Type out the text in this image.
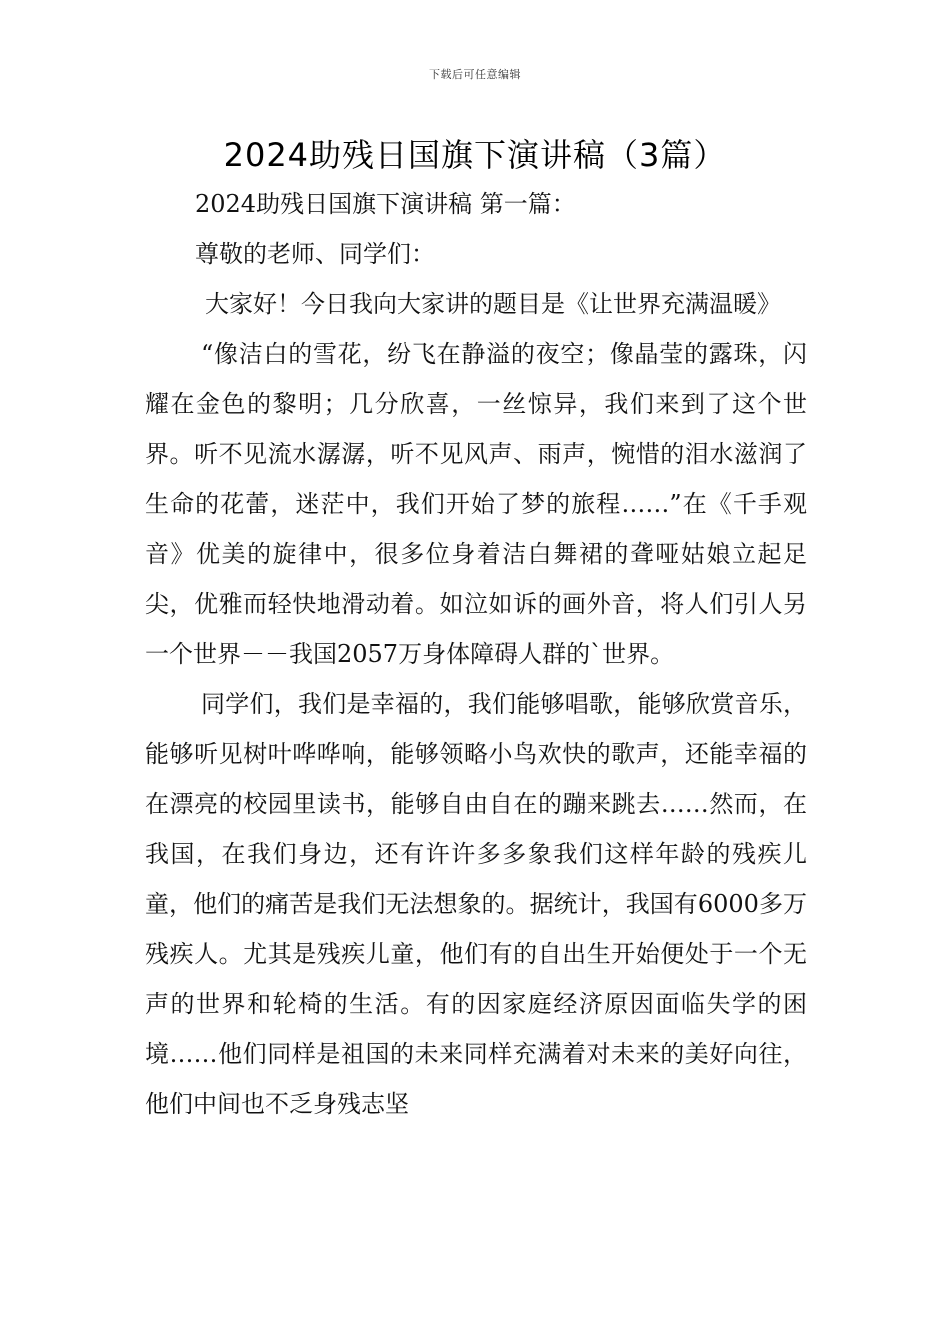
下载后可任意编辑
2024助残日国旗下演讲稿（3篇）

2024助残日国旗下演讲稿 第一篇：

尊敬的老师、同学们：

大家好！今日我向大家讲的题目是《让世界充满温暖》

“像洁白的雪花，纷飞在静溢的夜空；像晶莹的露珠，闪耀在金色的黎明；几分欣喜，一丝惊异，我们来到了这个世界。听不见流水潺潺，听不见风声、雨声，惋惜的泪水滋润了生命的花蕾，迷茫中，我们开始了梦的旅程……”在《千手观音》优美的旋律中，很多位身着洁白舞裙的聋哑姑娘立起足尖，优雅而轻快地滑动着。如泣如诉的画外音，将人们引人另一个世界－－我国2057万身体障碍人群的`世界。

同学们，我们是幸福的，我们能够唱歌，能够欣赏音乐，能够听见树叶哗哗响，能够领略小鸟欢快的歌声，还能幸福的在漂亮的校园里读书，能够自由自在的蹦来跳去……然而，在我国，在我们身边，还有许许多多象我们这样年龄的残疾儿童，他们的痛苦是我们无法想象的。据统计，我国有6000多万残疾人。尤其是残疾儿童，他们有的自出生开始便处于一个无声的世界和轮椅的生活。有的因家庭经济原因面临失学的困境……他们同样是祖国的未来同样充满着对未来的美好向往，他们中间也不乏身残志坚
